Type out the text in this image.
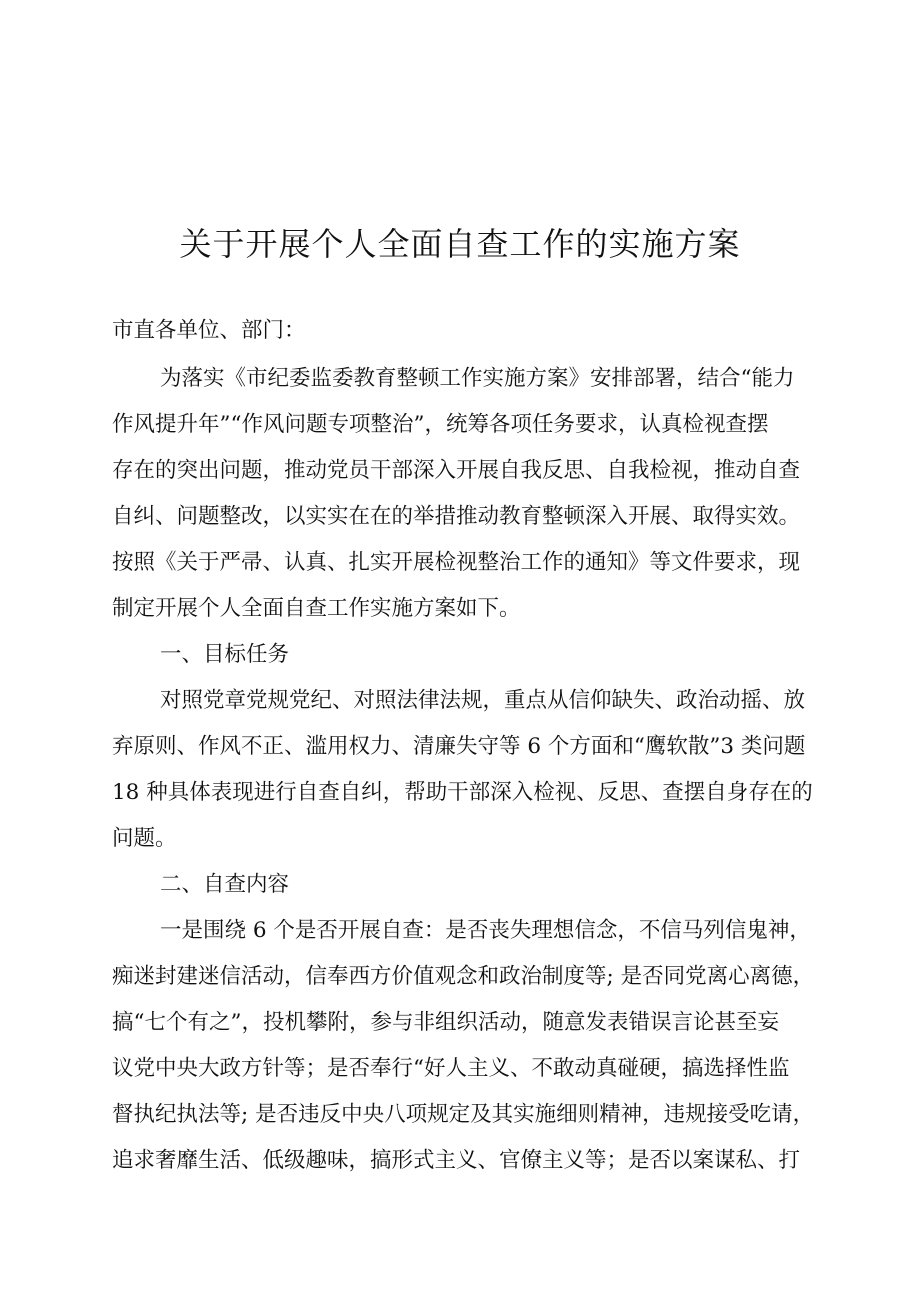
关于开展个人全面自查工作的实施方案

市直各单位、部门：

为落实《市纪委监委教育整顿工作实施方案》安排部署，结合“能力

作风提升年”“作风问题专项整治”，统筹各项任务要求，认真检视查摆

存在的突出问题，推动党员干部深入开展自我反思、自我检视，推动自查

自纠、问题整改，以实实在在的举措推动教育整顿深入开展、取得实效。

按照《关于严帚、认真、扎实开展检视整治工作的通知》等文件要求，现

制定开展个人全面自查工作实施方案如下。

一、目标任务

对照党章党规党纪、对照法律法规，重点从信仰缺失、政治动摇、放

弃原则、作风不正、滥用权力、清廉失守等 6 个方面和“鹰软散”3 类问题

18 种具体表现进行自查自纠，帮助干部深入检视、反思、查摆自身存在的

问题。

二、自查内容

一是围绕 6 个是否开展自查：是否丧失理想信念，不信马列信鬼神，

痴迷封建迷信活动，信奉西方价值观念和政治制度等; 是否同党离心离德，

搞“七个有之”，投机攀附，参与非组织活动，随意发表错误言论甚至妄

议党中央大政方针等；是否奉行“好人主义、不敢动真碰硬，搞选择性监

督执纪执法等; 是否违反中央八项规定及其实施细则精神，违规接受吃请，

追求奢靡生活、低级趣味，搞形式主义、官僚主义等；是否以案谋私、打
